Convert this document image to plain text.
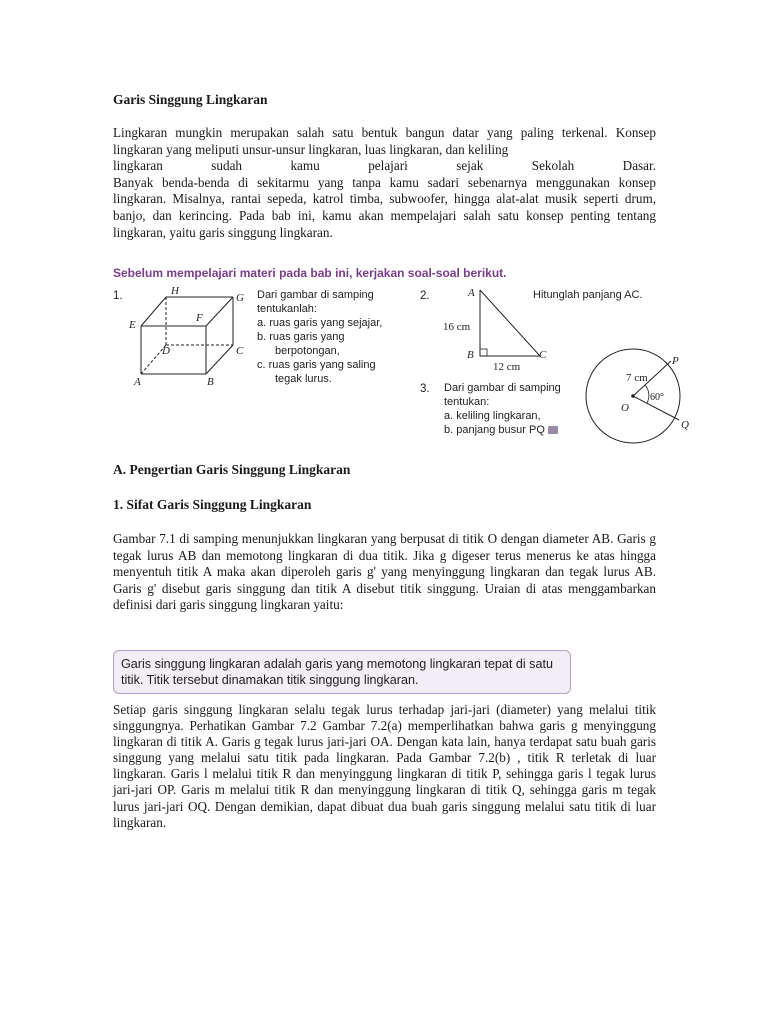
Garis Singgung Lingkaran
Lingkaran mungkin merupakan salah satu bentuk bangun datar yang paling terkenal. Konsep lingkaran yang meliputi unsur-unsur lingkaran, luas lingkaran, dan keliling
lingkaran sudah kamu pelajari sejak Sekolah Dasar.
Banyak benda-benda di sekitarmu yang tanpa kamu sadari sebenarnya menggunakan konsep lingkaran. Misalnya, rantai sepeda, katrol timba, subwoofer, hingga alat-alat musik seperti drum, banjo, dan kerincing. Pada bab ini, kamu akan mempelajari salah satu konsep penting tentang lingkaran, yaitu garis singgung lingkaran.
Sebelum mempelajari materi pada bab ini, kerjakan soal-soal berikut.
1.	H
G
E
F
D	C
A	B
Dari gambar di samping
tentukanlah:
a. ruas garis yang sejajar,
b. ruas garis yang
berpotongan,
c. ruas garis yang saling
tegak lurus.
2.	A
B	C
16 cm
12 cm
Hitunglah panjang AC.
3. Dari gambar di samping
tentukan:
a. keliling lingkaran,
b. panjang busur PQ
7 cm
60°
O
P
Q
A. Pengertian Garis Singgung Lingkaran
1. Sifat Garis Singgung Lingkaran
Gambar 7.1 di samping menunjukkan lingkaran yang berpusat di titik O dengan diameter AB. Garis g tegak lurus AB dan memotong lingkaran di dua titik. Jika g digeser terus menerus ke atas hingga menyentuh titik A maka akan diperoleh garis g' yang menyinggung lingkaran dan tegak lurus AB. Garis g' disebut garis singgung dan titik A disebut titik singgung. Uraian di atas menggambarkan definisi dari garis singgung lingkaran yaitu:
Garis singgung lingkaran adalah garis yang memotong lingkaran tepat di satu titik. Titik tersebut dinamakan titik singgung lingkaran.
Setiap garis singgung lingkaran selalu tegak lurus terhadap jari-jari (diameter) yang melalui titik singgungnya. Perhatikan Gambar 7.2 Gambar 7.2(a) memperlihatkan bahwa garis g menyinggung lingkaran di titik A. Garis g tegak lurus jari-jari OA. Dengan kata lain, hanya terdapat satu buah garis singgung yang melalui satu titik pada lingkaran. Pada Gambar 7.2(b) , titik R terletak di luar lingkaran. Garis l melalui titik R dan menyinggung lingkaran di titik P, sehingga garis l tegak lurus jari-jari OP. Garis m melalui titik R dan menyinggung lingkaran di titik Q, sehingga garis m tegak lurus jari-jari OQ. Dengan demikian, dapat dibuat dua buah garis singgung melalui satu titik di luar lingkaran.
